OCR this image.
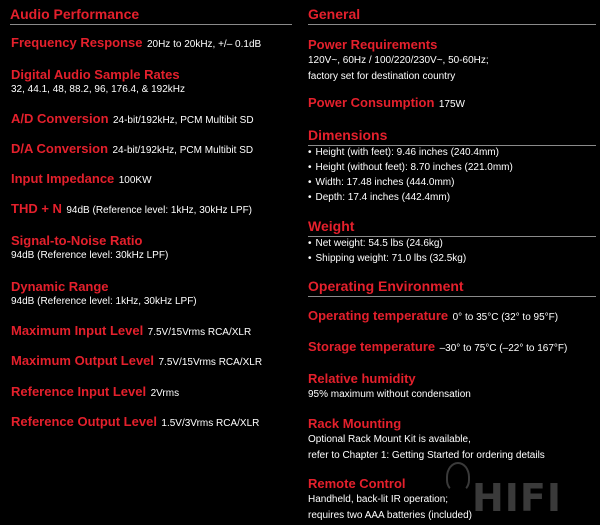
Audio Performance
Frequency Response 20Hz to 20kHz, +/– 0.1dB
Digital Audio Sample Rates
32, 44.1, 48, 88.2, 96, 176.4, & 192kHz
A/D Conversion 24-bit/192kHz, PCM Multibit SD
D/A Conversion 24-bit/192kHz, PCM Multibit SD
Input Impedance 100KW
THD + N 94dB (Reference level: 1kHz, 30kHz LPF)
Signal-to-Noise Ratio
94dB (Reference level: 30kHz LPF)
Dynamic Range
94dB (Reference level: 1kHz, 30kHz LPF)
Maximum Input Level 7.5V/15Vrms RCA/XLR
Maximum Output Level 7.5V/15Vrms RCA/XLR
Reference Input Level 2Vrms
Reference Output Level 1.5V/3Vrms RCA/XLR
General
Power Requirements
120V~, 60Hz / 100/220/230V~, 50-60Hz;
factory set for destination country
Power Consumption 175W
Dimensions
• Height (with feet): 9.46 inches (240.4mm)
• Height (without feet): 8.70 inches (221.0mm)
• Width: 17.48 inches (444.0mm)
• Depth: 17.4 inches (442.4mm)
Weight
• Net weight: 54.5 lbs (24.6kg)
• Shipping weight: 71.0 lbs (32.5kg)
Operating Environment
Operating temperature 0° to 35°C (32° to 95°F)
Storage temperature –30° to 75°C (–22° to 167°F)
Relative humidity
95% maximum without condensation
Rack Mounting
Optional Rack Mount Kit is available,
refer to Chapter 1: Getting Started for ordering details
Remote Control
Handheld, back-lit IR operation;
requires two AAA batteries (included) HIFI
